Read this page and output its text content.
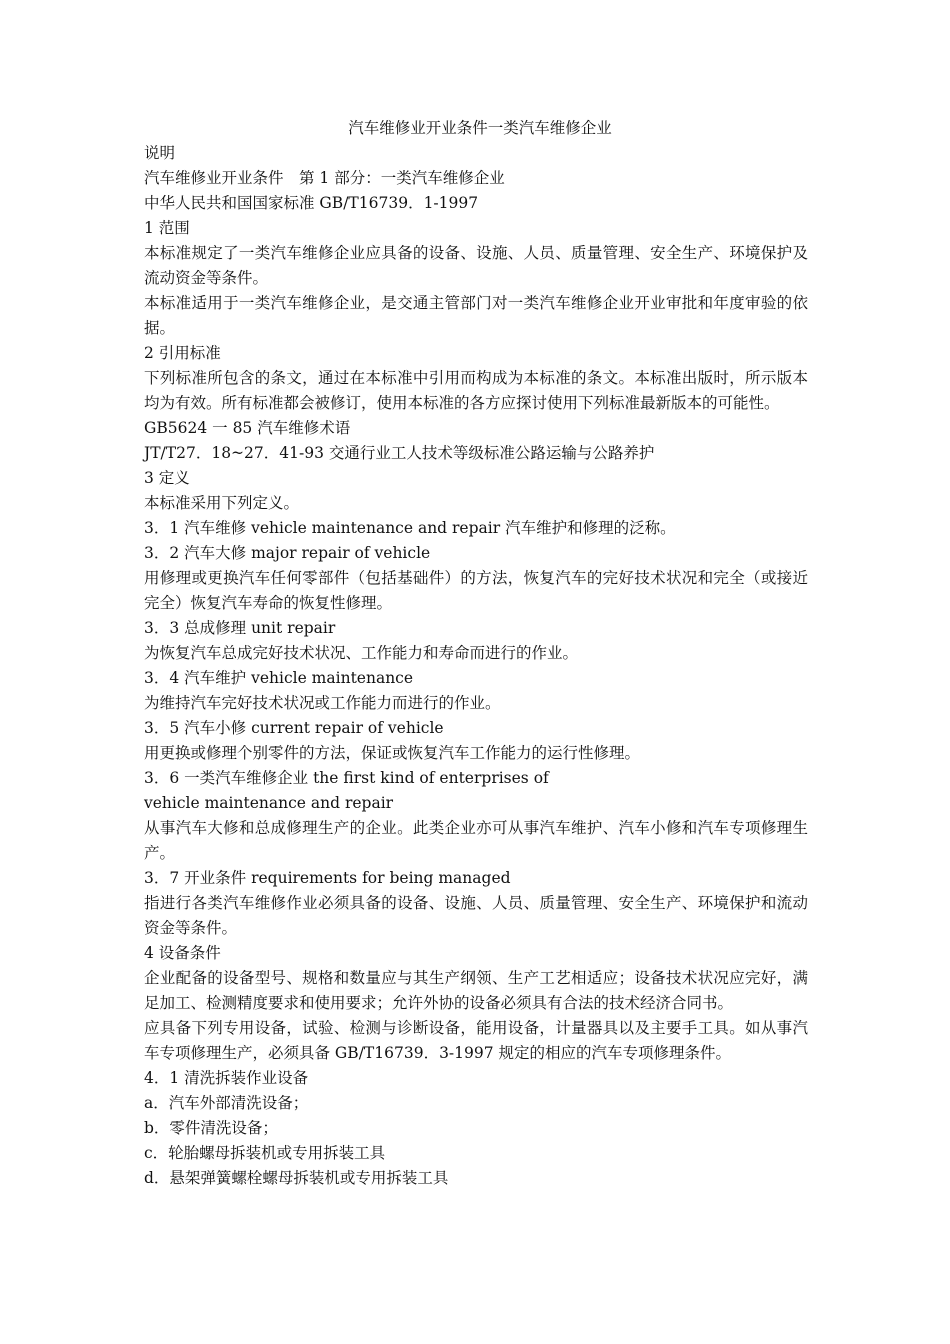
汽车维修业开业条件一类汽车维修企业
说明
汽车维修业开业条件　第 1 部分：一类汽车维修企业
中华人民共和国国家标准 GB/T16739．1-1997
1 范围
本标准规定了一类汽车维修企业应具备的设备、设施、人员、质量管理、安全生产、环境保护及流动资金等条件。
本标准适用于一类汽车维修企业，是交通主管部门对一类汽车维修企业开业审批和年度审验的依据。
2 引用标准
下列标准所包含的条文，通过在本标准中引用而构成为本标准的条文。本标准出版时，所示版本均为有效。所有标准都会被修订，使用本标准的各方应探讨使用下列标准最新版本的可能性。
GB5624 一 85 汽车维修术语
JT/T27．18~27．41-93 交通行业工人技术等级标准公路运输与公路养护
3 定义
本标准采用下列定义。
3．1 汽车维修 vehicle maintenance and repair 汽车维护和修理的泛称。
3．2 汽车大修 major repair of vehicle
用修理或更换汽车任何零部件（包括基础件）的方法，恢复汽车的完好技术状况和完全（或接近完全）恢复汽车寿命的恢复性修理。
3．3 总成修理 unit repair
为恢复汽车总成完好技术状况、工作能力和寿命而进行的作业。
3．4 汽车维护 vehicle maintenance
为维持汽车完好技术状况或工作能力而进行的作业。
3．5 汽车小修 current repair of vehicle
用更换或修理个别零件的方法，保证或恢复汽车工作能力的运行性修理。
3．6 一类汽车维修企业 the first kind of enterprises of
vehicle maintenance and repair
从事汽车大修和总成修理生产的企业。此类企业亦可从事汽车维护、汽车小修和汽车专项修理生产。
3．7 开业条件 requirements for being managed
指进行各类汽车维修作业必须具备的设备、设施、人员、质量管理、安全生产、环境保护和流动资金等条件。
4 设备条件
企业配备的设备型号、规格和数量应与其生产纲领、生产工艺相适应；设备技术状况应完好，满足加工、检测精度要求和使用要求；允许外协的设备必须具有合法的技术经济合同书。
应具备下列专用设备，试验、检测与诊断设备，能用设备，计量器具以及主要手工具。如从事汽车专项修理生产，必须具备 GB/T16739．3-1997 规定的相应的汽车专项修理条件。
4．1 清洗拆装作业设备
a．汽车外部清洗设备；
b．零件清洗设备；
c．轮胎螺母拆装机或专用拆装工具
d．悬架弹簧螺栓螺母拆装机或专用拆装工具
